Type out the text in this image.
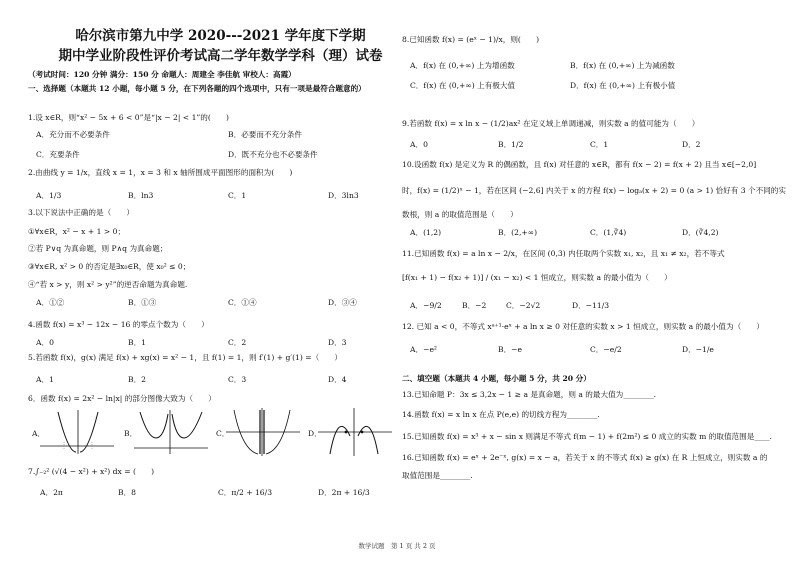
哈尔滨市第九中学 2020---2021 学年度下学期
期中学业阶段性评价考试高二学年数学学科（理）试卷
（考试时间：120 分钟 满分：150 分 命题人：周建全 李佳航 审校人：高霞）
一、选择题（本题共 12 小题，每小题 5 分，在下列各题的四个选项中，只有一项是最符合题意的）
1.设 x∈R，则“x² − 5x + 6 < 0”是“|x − 2| < 1”的(　　)
A．充分而不必要条件	B．必要而不充分条件
C．充要条件	D．既不充分也不必要条件
2.由曲线 y = 1/x，直线 x = 1，x = 3 和 x 轴所围成平面图形的面积为(　　)
A．1/3	B．ln3	C．1	D．3ln3
3.以下说法中正确的是（　　）
①∀x∈R，x² − x + 1 > 0；
②若 P∨q 为真命题，则 P∧q 为真命题；
③∀x∈R, x² > 0 的否定是∃x₀∈R，使 x₀² ≤ 0；
④“若 x > y，则 x² > y²”的逆否命题为真命题.
A．①②	B．①③	C．①④	D．③④
4.函数 f(x) = x³ − 12x − 16 的零点个数为（　　）
A．0	B．1	C．2	D．3
5.若函数 f(x)，g(x) 满足 f(x) + xg(x) = x² − 1，且 f(1) = 1，则 f′(1) + g′(1) =（　　）
A．1	B．2	C．3	D．4
6．函数 f(x) = 2x² − ln|x| 的部分图像大致为（　　）
A．	B．	C．	D．
7.∫₋₂² (√(4 − x²) + x²) dx = (　　)
A．2π	B．8	C．π/2 + 16/3	D．2π + 16/3
8.已知函数 f(x) = (eˣ − 1)/x，则(　　)
A．f(x) 在 (0,+∞) 上为增函数	B．f(x) 在 (0,+∞) 上为减函数
C．f(x) 在 (0,+∞) 上有极大值	D．f(x) 在 (0,+∞) 上有极小值
9.若函数 f(x) = x ln x − (1/2)ax² 在定义域上单调递减，则实数 a 的值可能为（　　）
A．0	B．1/2	C．1	D．2
10.设函数 f(x) 是定义为 R 的偶函数，且 f(x) 对任意的 x∈R，都有 f(x − 2) = f(x + 2) 且当 x∈[−2,0]
时，f(x) = (1/2)ˣ − 1，若在区间 (−2,6] 内关于 x 的方程 f(x) − logₐ(x + 2) = 0 (a > 1) 恰好有 3 个不同的实
数根，则 a 的取值范围是（　　）
A．(1,2)	B．(2,+∞)	C．(1,∛4)	D．(∛4,2)
11.已知函数 f(x) = a ln x − 2/x，在区间 (0,3) 内任取两个实数 x₁, x₂，且 x₁ ≠ x₂，若不等式
[f(x₁ + 1) − f(x₂ + 1)] / (x₁ − x₂) < 1 恒成立，则实数 a 的最小值为（　　）
A．−9/2	B．−2	C．−2√2	D．−11/3
12. 已知 a < 0，不等式 xᵃ⁺¹·eˣ + a ln x ≥ 0 对任意的实数 x > 1 恒成立，则实数 a 的最小值为（　　）
A．−e²	B．−e	C．−e/2	D．−1/e
二、填空题（本题共 4 小题，每小题 5 分，共 20 分）
13.已知命题 P：3x ≤ 3,2x − 1 ≥ a 是真命题，则 a 的最大值为________.
14.函数 f(x) = x ln x 在点 P(e,e) 的切线方程为________.
15.已知函数 f(x) = x³ + x − sin x 则满足不等式 f(m − 1) + f(2m²) ≤ 0 成立的实数 m 的取值范围是____.
16.已知函数 f(x) = eˣ + 2e⁻ˣ, g(x) = x − a，若关于 x 的不等式 f(x) ≥ g(x) 在 R 上恒成立，则实数 a 的
取值范围是________.
数学试题　第 1 页 共 2 页
